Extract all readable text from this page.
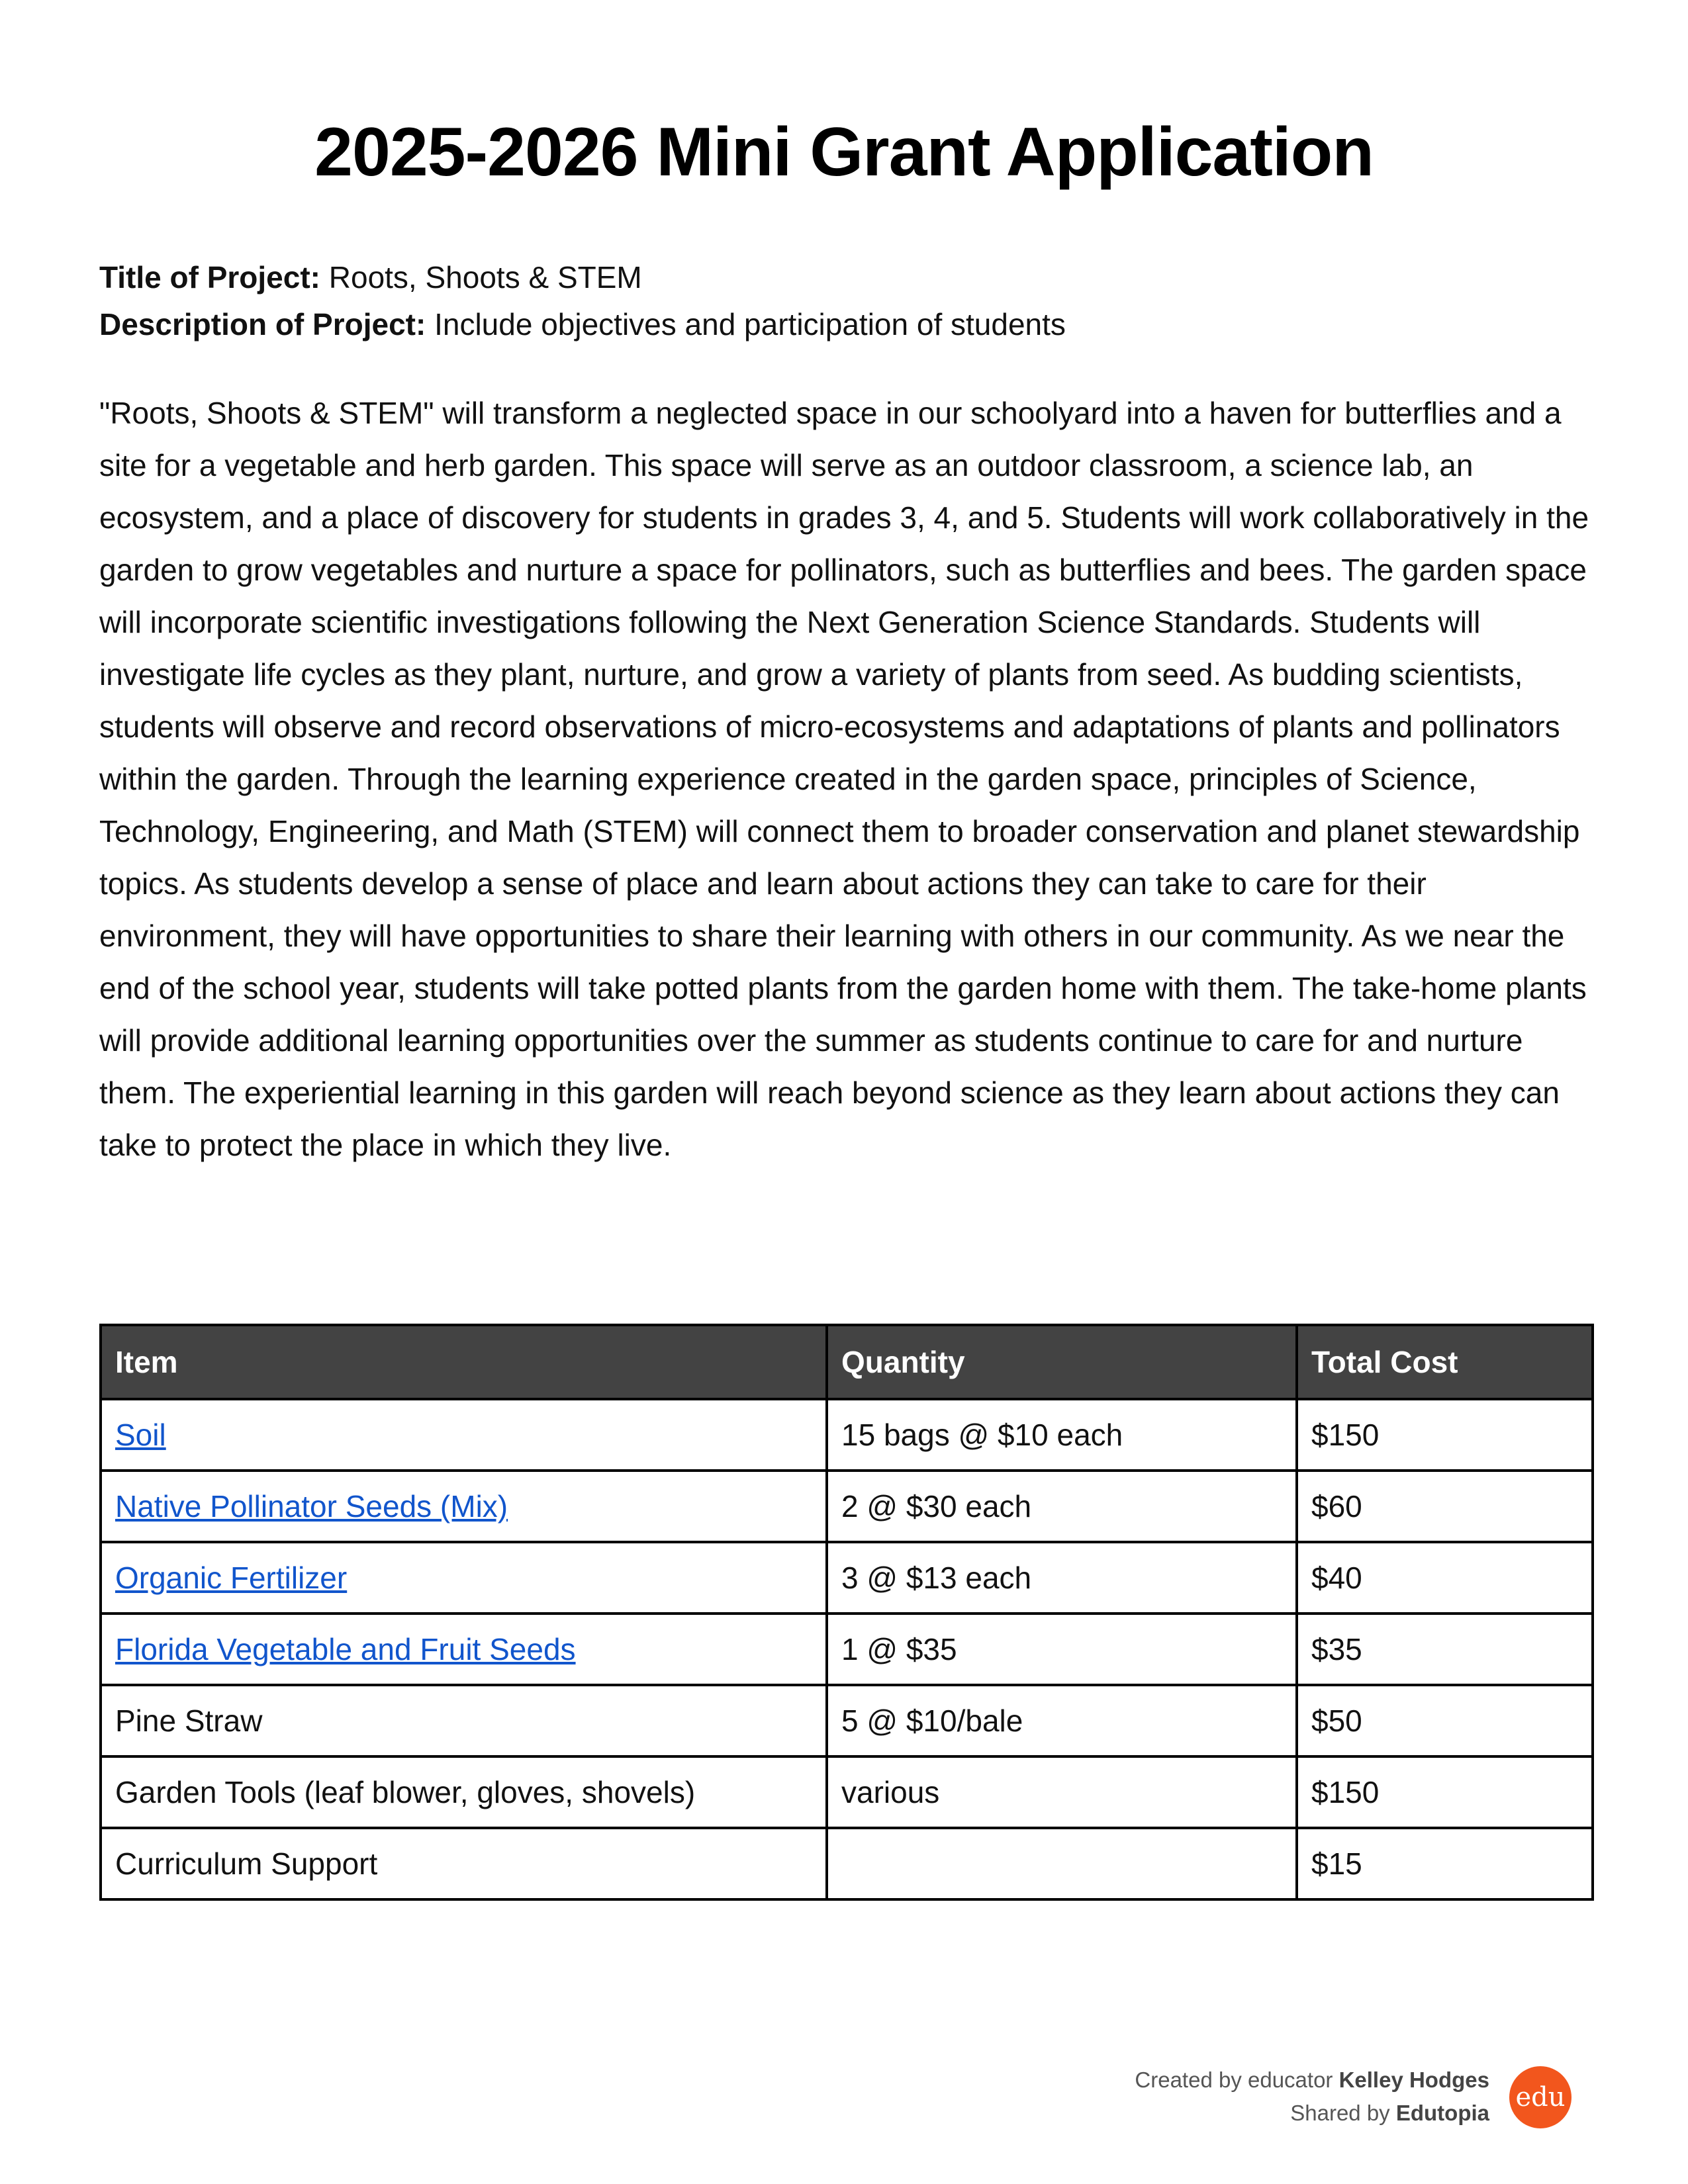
2025-2026 Mini Grant Application
Title of Project: Roots, Shoots & STEM
Description of Project: Include objectives and participation of students

"Roots, Shoots & STEM" will transform a neglected space in our schoolyard into a haven for butterflies and a site for a vegetable and herb garden. This space will serve as an outdoor classroom, a science lab, an ecosystem, and a place of discovery for students in grades 3, 4, and 5. Students will work collaboratively in the garden to grow vegetables and nurture a space for pollinators, such as butterflies and bees. The garden space will incorporate scientific investigations following the Next Generation Science Standards. Students will investigate life cycles as they plant, nurture, and grow a variety of plants from seed. As budding scientists, students will observe and record observations of micro-ecosystems and adaptations of plants and pollinators within the garden. Through the learning experience created in the garden space, principles of Science, Technology, Engineering, and Math (STEM) will connect them to broader conservation and planet stewardship topics. As students develop a sense of place and learn about actions they can take to care for their environment, they will have opportunities to share their learning with others in our community. As we near the end of the school year, students will take potted plants from the garden home with them. The take-home plants will provide additional learning opportunities over the summer as students continue to care for and nurture them. The experiential learning in this garden will reach beyond science as they learn about actions they can take to protect the place in which they live.

Item	Quantity	Total Cost
Soil	15 bags @ $10 each	$150
Native Pollinator Seeds (Mix)	2 @ $30 each	$60
Organic Fertilizer	3 @ $13 each	$40
Florida Vegetable and Fruit Seeds	1 @ $35	$35
Pine Straw	5 @ $10/bale	$50
Garden Tools (leaf blower, gloves, shovels)	various	$150
Curriculum Support		$15
Created by educator Kelley Hodges
Shared by Edutopia
edu
